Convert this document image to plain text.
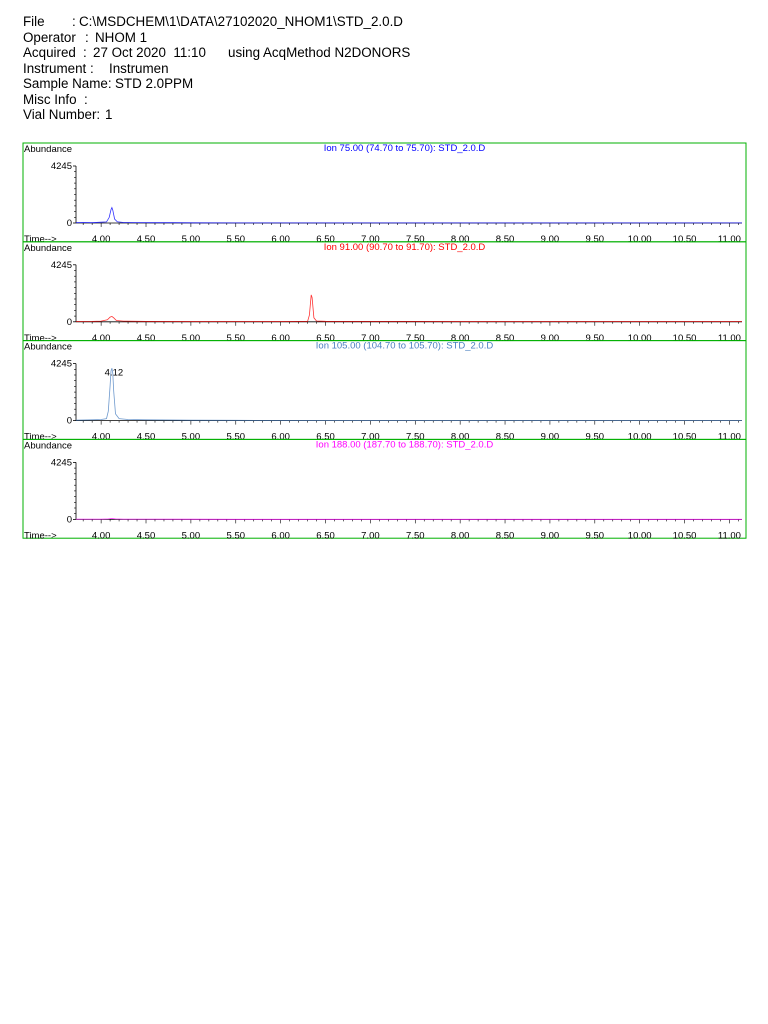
File

:

C:\MSDCHEM\1\DATA\27102020_NHOM1\STD_2.0.D

Operator

:

NHOM 1

Acquired

:

27 Oct 2020  11:10

using AcqMethod N2DONORS

Instrument :

Instrumen

Sample Name:

STD 2.0PPM

Misc Info  :

Vial Number:

1

Abundance
4245
0
Time-->	4.00	4.50	5.00	5.50	6.00	6.50	7.00	7.50	8.00	8.50	9.00	9.50 10.00 10.50 11.00
Ion 75.00 (74.70 to 75.70): STD_2.0.D
Abundance
4245
0
Time-->	4.00	4.50	5.00	5.50	6.00	6.50	7.00	7.50	8.00	8.50	9.00	9.50 10.00 10.50 11.00
Ion 91.00 (90.70 to 91.70): STD_2.0.D
Abundance
4245
0
Time-->	4.00	4.50	5.00	5.50	6.00	6.50	7.00	7.50	8.00	8.50	9.00	9.50 10.00 10.50 11.00
Ion 105.00 (104.70 to 105.70): STD_2.0.D
4.12
Abundance
4245
0
Time-->	4.00	4.50	5.00	5.50	6.00	6.50	7.00	7.50	8.00	8.50	9.00	9.50 10.00 10.50 11.00
Ion 188.00 (187.70 to 188.70): STD_2.0.D
